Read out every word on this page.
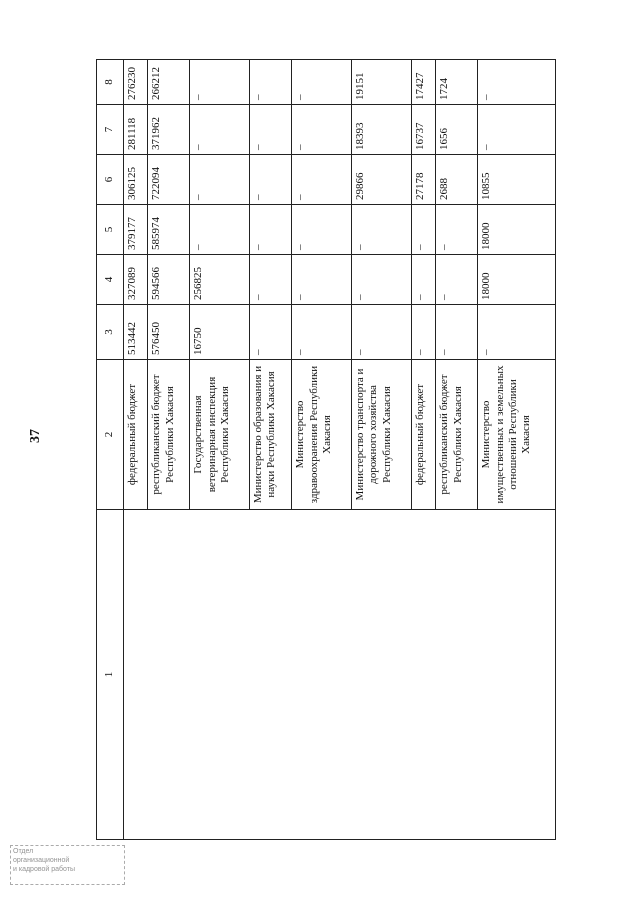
37
1	2	3	4	5	6	7	8
	федеральный бюджет	513442	327089	379177	306125	281118	276230
	республиканский бюджет Республики Хакасия	576450	594566	585974	722094	371962	266212
	Государственная ветеринарная инспекция Республики Хакасия	16750	256825	–	–	–	–
	Министерство образования и науки Республики Хакасия	–	–	–	–	–	–
	Министерство здравоохранения Республики Хакасия	–	–	–	–	–	–
	Министерство транспорта и дорожного хозяйства Республики Хакасия	–	–	–	29866	18393	19151
	федеральный бюджет	–	–	–	27178	16737	17427
	республиканский бюджет Республики Хакасия	–	–	–	2688	1656	1724
	Министерство имущественных и земельных отношений Республики Хакасия	–	18000	18000	10855	–	–
Отдел
организационной
и кадровой работы
